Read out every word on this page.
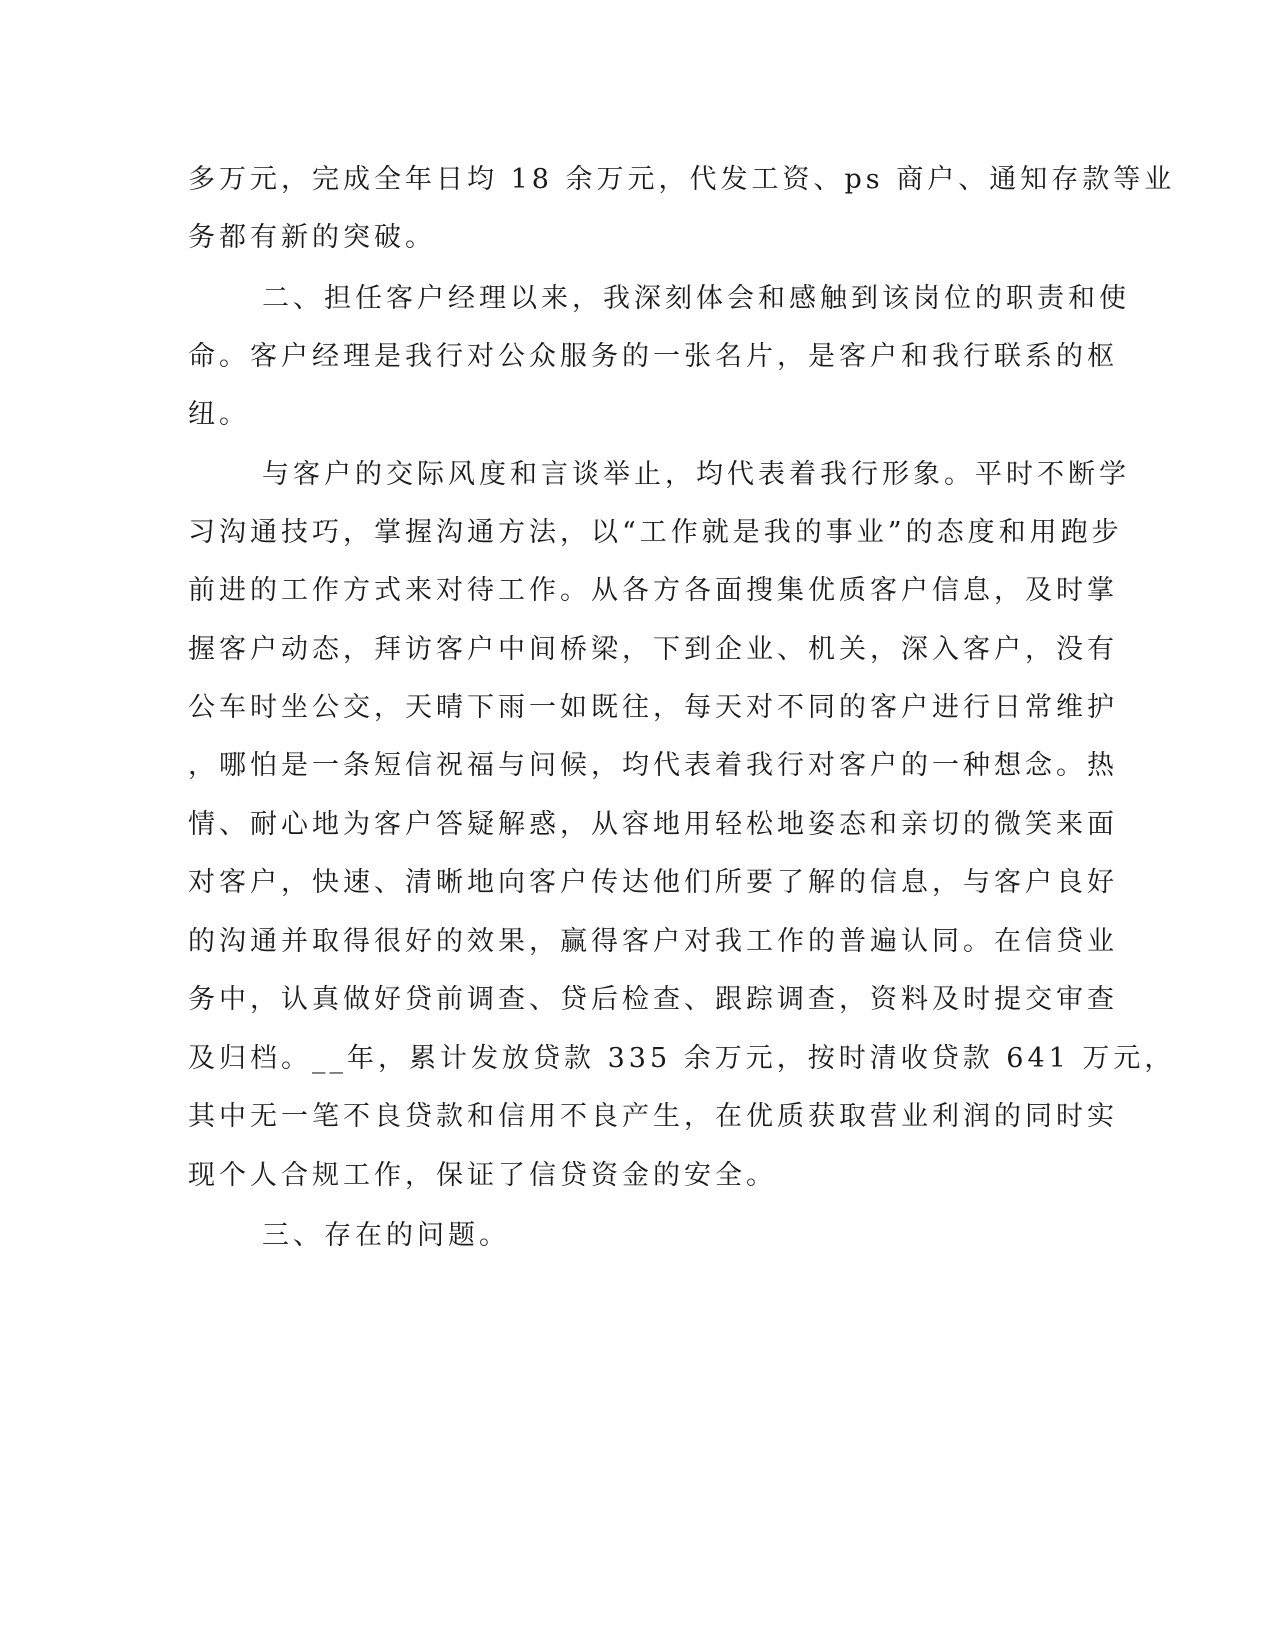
多万元，完成全年日均 18 余万元，代发工资、ps 商户、通知存款等业
务都有新的突破。
二、担任客户经理以来，我深刻体会和感触到该岗位的职责和使
命。客户经理是我行对公众服务的一张名片，是客户和我行联系的枢
纽。
与客户的交际风度和言谈举止，均代表着我行形象。平时不断学
习沟通技巧，掌握沟通方法，以“工作就是我的事业”的态度和用跑步
前进的工作方式来对待工作。从各方各面搜集优质客户信息，及时掌
握客户动态，拜访客户中间桥梁，下到企业、机关，深入客户，没有
公车时坐公交，天晴下雨一如既往，每天对不同的客户进行日常维护
，哪怕是一条短信祝福与问候，均代表着我行对客户的一种想念。热
情、耐心地为客户答疑解惑，从容地用轻松地姿态和亲切的微笑来面
对客户，快速、清晰地向客户传达他们所要了解的信息，与客户良好
的沟通并取得很好的效果，赢得客户对我工作的普遍认同。在信贷业
务中，认真做好贷前调查、贷后检查、跟踪调查，资料及时提交审查
及归档。__年，累计发放贷款 335 余万元，按时清收贷款 641 万元，
其中无一笔不良贷款和信用不良产生，在优质获取营业利润的同时实
现个人合规工作，保证了信贷资金的安全。
三、存在的问题。
